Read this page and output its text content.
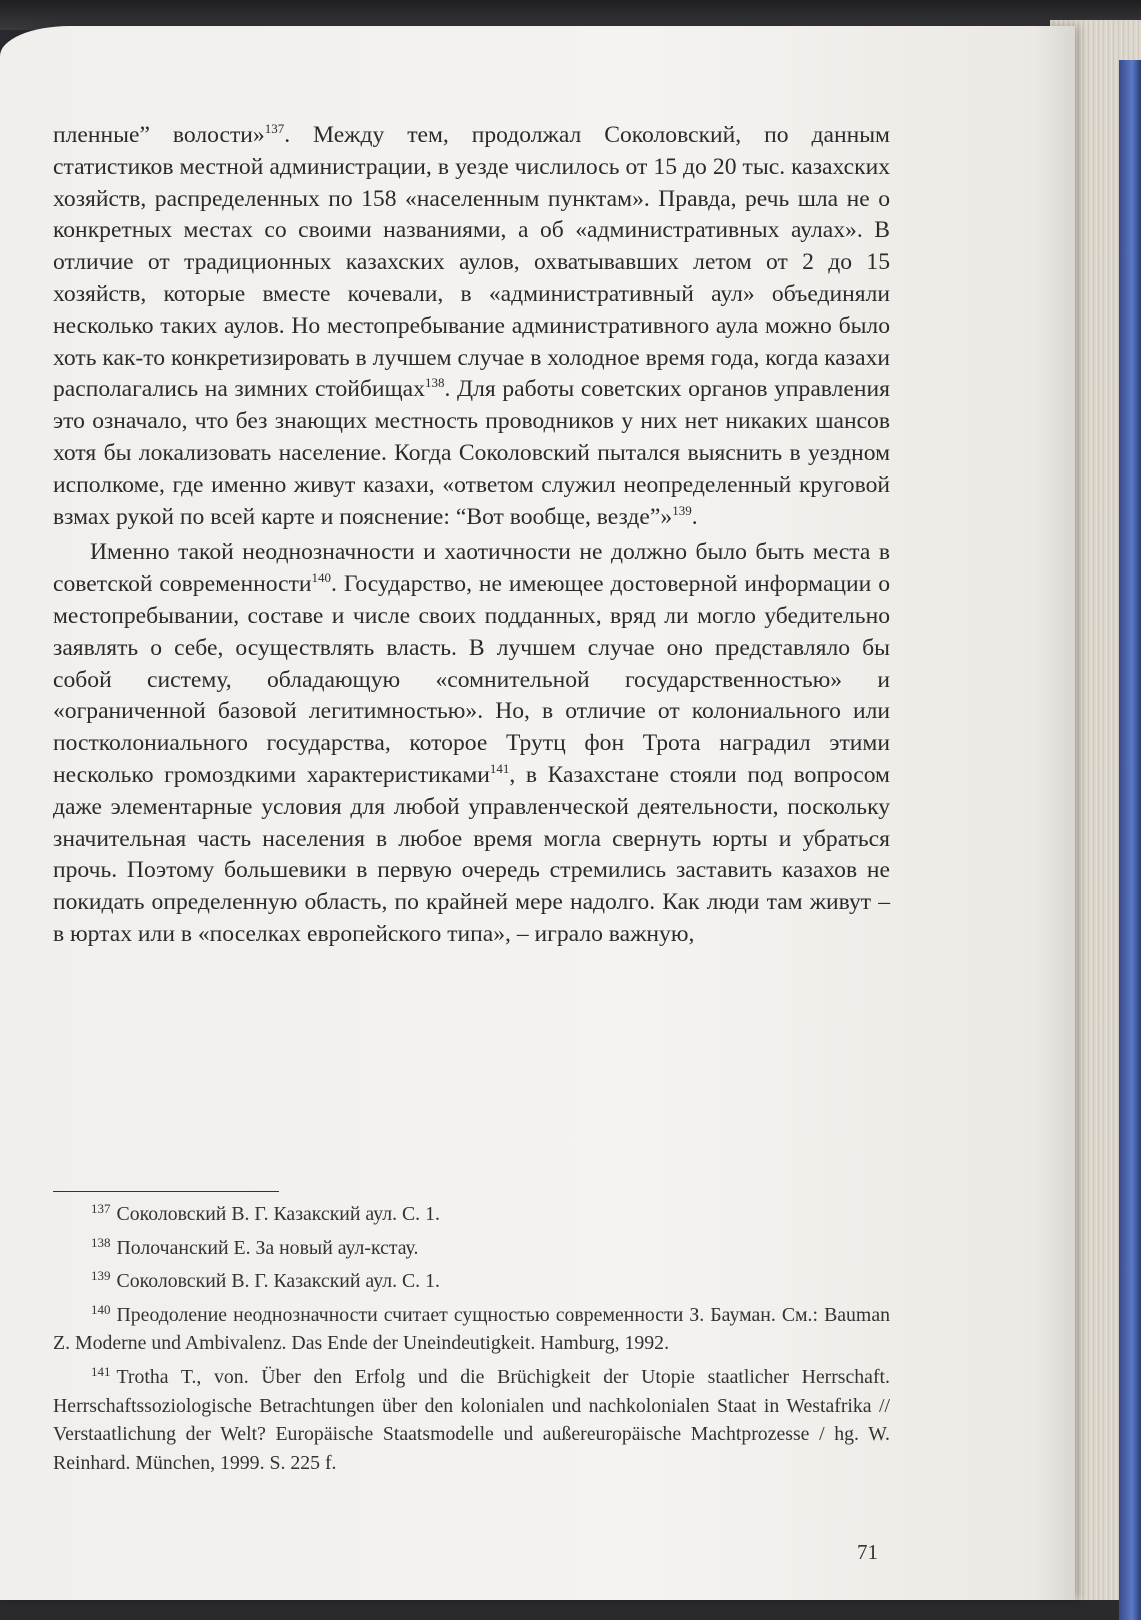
пленные” волости»$^{137}$. Между тем, продолжал Соколовский, по данным статистиков местной администрации, в уезде числилось от 15 до 20 тыс. казахских хозяйств, распределенных по 158 «населенным пунктам». Правда, речь шла не о конкретных местах со своими названиями, а об «административных аулах». В отличие от традиционных казахских аулов, охватывавших летом от 2 до 15 хозяйств, которые вместе кочевали, в «административный аул» объединяли несколько таких аулов. Но местопребывание административного аула можно было хоть как-то конкретизировать в лучшем случае в холодное время года, когда казахи располагались на зимних стойбищах$^{138}$. Для работы советских органов управления это означало, что без знающих местность проводников у них нет никаких шансов хотя бы локализовать население. Когда Соколовский пытался выяснить в уездном исполкоме, где именно живут казахи, «ответом служил неопределенный круговой взмах рукой по всей карте и пояснение: “Вот вообще, везде”»$^{139}$.

Именно такой неоднозначности и хаотичности не должно было быть места в советской современности$^{140}$. Государство, не имеющее достоверной информации о местопребывании, составе и числе своих подданных, вряд ли могло убедительно заявлять о себе, осуществлять власть. В лучшем случае оно представляло бы собой систему, обладающую «сомнительной государственностью» и «ограниченной базовой легитимностью». Но, в отличие от колониального или постколониального государства, которое Трутц фон Трота наградил этими несколько громоздкими характеристиками$^{141}$, в Казахстане стояли под вопросом даже элементарные условия для любой управленческой деятельности, поскольку значительная часть населения в любое время могла свернуть юрты и убраться прочь. Поэтому большевики в первую очередь стремились заставить казахов не покидать определенную область, по крайней мере надолго. Как люди там живут – в юртах или в «поселках европейского типа», – играло важную,

$^{137}$ Соколовский В. Г. Казакский аул. С. 1.

$^{138}$ Полочанский Е. За новый аул-кстау.

$^{139}$ Соколовский В. Г. Казакский аул. С. 1.

$^{140}$ Преодоление неоднозначности считает сущностью современности З. Бауман. См.: Bauman Z. Moderne und Ambivalenz. Das Ende der Uneindeutigkeit. Hamburg, 1992.

$^{141}$ Trotha T., von. Über den Erfolg und die Brüchigkeit der Utopie staatlicher Herrschaft. Herrschaftssoziologische Betrachtungen über den kolonialen und nachkolonialen Staat in Westafrika // Verstaatlichung der Welt? Europäische Staatsmodelle und außereuropäische Machtprozesse / hg. W. Reinhard. München, 1999. S. 225 f.

71
